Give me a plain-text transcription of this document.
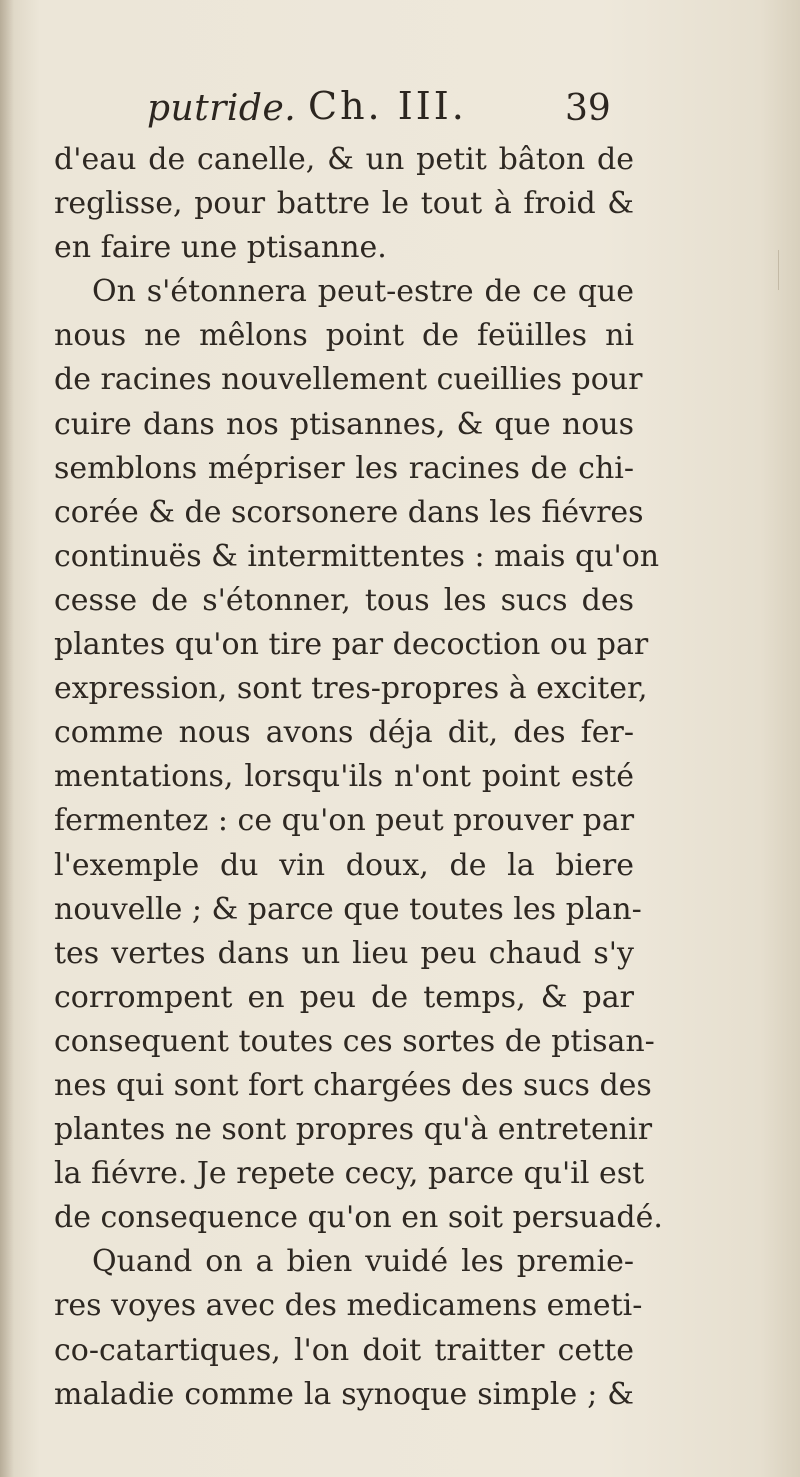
putride. Ch. III.	39
d'eau de canelle, & un petit bâton de
reglisse, pour battre le tout à froid &
en faire une ptisanne.
On s'étonnera peut-estre de ce que
nous ne mêlons point de feüilles ni
de racines nouvellement cueillies pour
cuire dans nos ptisannes, & que nous
semblons mépriser les racines de chi-
corée & de scorsonere dans les fiévres
continuës & intermittentes : mais qu'on
cesse de s'étonner, tous les sucs des
plantes qu'on tire par decoction ou par
expression, sont tres-propres à exciter,
comme nous avons déja dit, des fer-
mentations, lorsqu'ils n'ont point esté
fermentez : ce qu'on peut prouver par
l'exemple du vin doux, de la biere
nouvelle ; & parce que toutes les plan-
tes vertes dans un lieu peu chaud s'y
corrompent en peu de temps, & par
consequent toutes ces sortes de ptisan-
nes qui sont fort chargées des sucs des
plantes ne sont propres qu'à entretenir
la fiévre. Je repete cecy, parce qu'il est
de consequence qu'on en soit persuadé.
Quand on a bien vuidé les premie-
res voyes avec des medicamens emeti-
co-catartiques, l'on doit traitter cette
maladie comme la synoque simple ; &
